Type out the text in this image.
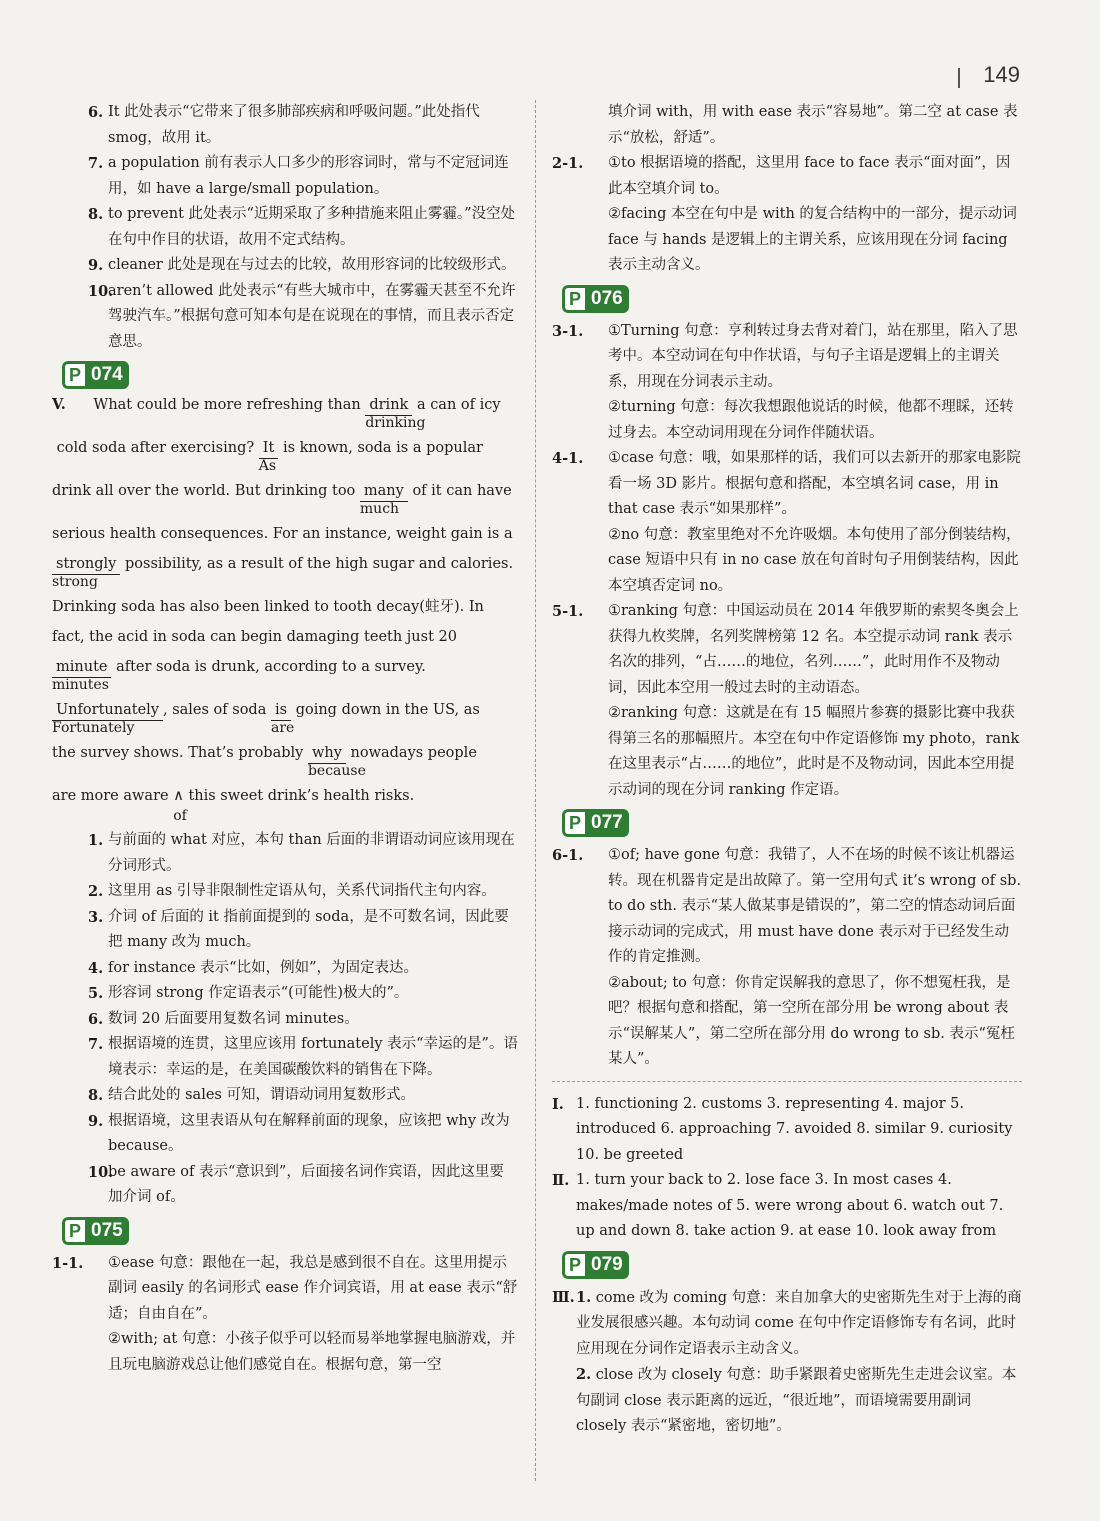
149
6. It 此处表示“它带来了很多肺部疾病和呼吸问题。”此处指代 smog，故用 it。
7. a population 前有表示人口多少的形容词时，常与不定冠词连用，如 have a large/small population。
8. to prevent 此处表示“近期采取了多种措施来阻止雾霾。”没空处在句中作目的状语，故用不定式结构。
9. cleaner 此处是现在与过去的比较，故用形容词的比较级形式。
10.
aren’t allowed 此处表示“有些大城市中，在雾霾天甚至不允许驾驶汽车。”根据句意可知本句是在说现在的事情，而且表示否定意思。
P 074
V. What could be more refreshing than drink
drinking
a can of icy
cold soda after exercising? It
As
is known, soda is a popular
drink all over the world. But drinking too many
much
of it can have
serious health consequences. For an instance, weight gain is a
strongly
strong
possibility, as a result of the high sugar and calories.
Drinking soda has also been linked to tooth decay(蛀牙). In
fact, the acid in soda can begin damaging teeth just 20
minute
minutes
after soda is drunk, according to a survey.
Unfortunately
Fortunately
, sales of soda is
are
going down in the US, as
the survey shows. That’s probably why
because
nowadays people
are more aware ∧
of
this sweet drink’s health risks.
1. 与前面的 what 对应，本句 than 后面的非谓语动词应该用现在分词形式。
2. 这里用 as 引导非限制性定语从句，关系代词指代主句内容。
3. 介词 of 后面的 it 指前面提到的 soda，是不可数名词，因此要把 many 改为 much。
4. for instance 表示“比如，例如”，为固定表达。
5. 形容词 strong 作定语表示“(可能性)极大的”。
6. 数词 20 后面要用复数名词 minutes。
7. 根据语境的连贯，这里应该用 fortunately 表示“幸运的是”。语境表示：幸运的是，在美国碳酸饮料的销售在下降。
8. 结合此处的 sales 可知，谓语动词用复数形式。
9. 根据语境，这里表语从句在解释前面的现象，应该把 why 改为 because。
10.
be aware of 表示“意识到”，后面接名词作宾语，因此这里要加介词 of。
P 075
1-1. ①ease 句意：跟他在一起，我总是感到很不自在。这里用提示副词 easily 的名词形式 ease 作介词宾语，用 at ease 表示“舒适；自由自在”。
②with; at 句意：小孩子似乎可以轻而易举地掌握电脑游戏，并且玩电脑游戏总让他们感觉自在。根据句意，第一空
填介词 with，用 with ease 表示“容易地”。第二空 at case 表示“放松，舒适”。
2-1. ①to 根据语境的搭配，这里用 face to face 表示“面对面”，因此本空填介词 to。
②facing 本空在句中是 with 的复合结构中的一部分，提示动词 face 与 hands 是逻辑上的主谓关系，应该用现在分词 facing 表示主动含义。
P 076
3-1. ①Turning 句意：亨利转过身去背对着门，站在那里，陷入了思考中。本空动词在句中作状语，与句子主语是逻辑上的主谓关系，用现在分词表示主动。
②turning 句意：每次我想跟他说话的时候，他都不理睬，还转过身去。本空动词用现在分词作伴随状语。
4-1. ①case 句意：哦，如果那样的话，我们可以去新开的那家电影院看一场 3D 影片。根据句意和搭配，本空填名词 case，用 in that case 表示“如果那样”。
②no 句意：教室里绝对不允许吸烟。本句使用了部分倒装结构，case 短语中只有 in no case 放在句首时句子用倒装结构，因此本空填否定词 no。
5-1. ①ranking 句意：中国运动员在 2014 年俄罗斯的索契冬奥会上获得九枚奖牌，名列奖牌榜第 12 名。本空提示动词 rank 表示名次的排列，“占……的地位，名列……”，此时用作不及物动词，因此本空用一般过去时的主动语态。
②ranking 句意：这就是在有 15 幅照片参赛的摄影比赛中我获得第三名的那幅照片。本空在句中作定语修饰 my photo，rank 在这里表示“占……的地位”，此时是不及物动词，因此本空用提示动词的现在分词 ranking 作定语。
P 077
6-1. ①of; have gone 句意：我错了，人不在场的时候不该让机器运转。现在机器肯定是出故障了。第一空用句式 it’s wrong of sb. to do sth. 表示“某人做某事是错误的”，第二空的情态动词后面接示动词的完成式，用 must have done 表示对于已经发生动作的肯定推测。
②about; to 句意：你肯定误解我的意思了，你不想冤枉我，是吧？根据句意和搭配，第一空所在部分用 be wrong about 表示“误解某人”，第二空所在部分用 do wrong to sb. 表示“冤枉某人”。
Ⅰ. 1. functioning 2. customs 3. representing 4. major 5. introduced 6. approaching 7. avoided 8. similar 9. curiosity 10. be greeted
Ⅱ. 1. turn your back to 2. lose face 3. In most cases 4. makes/made notes of 5. were wrong about 6. watch out 7. up and down 8. take action 9. at ease 10. look away from
P 079
Ⅲ. 1. come 改为 coming 句意：来自加拿大的史密斯先生对于上海的商业发展很感兴趣。本句动词 come 在句中作定语修饰专有名词，此时应用现在分词作定语表示主动含义。
2. close 改为 closely 句意：助手紧跟着史密斯先生走进会议室。本句副词 close 表示距离的远近，“很近地”，而语境需要用副词 closely 表示“紧密地，密切地”。
